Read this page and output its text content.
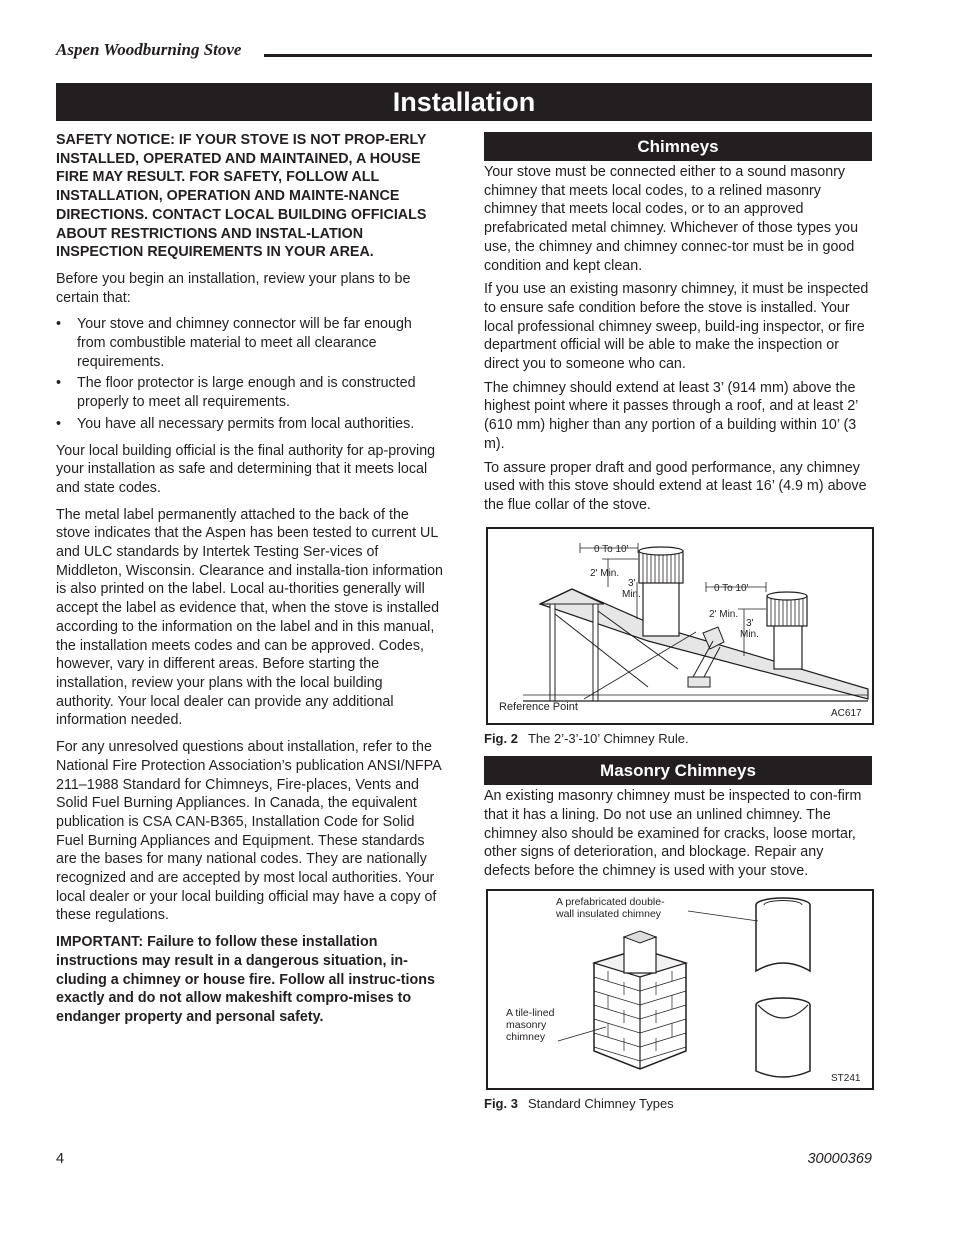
Aspen Woodburning Stove
Installation

SAFETY NOTICE: IF YOUR STOVE IS NOT PROP-ERLY INSTALLED, OPERATED AND MAINTAINED, A HOUSE FIRE MAY RESULT. FOR SAFETY, FOLLOW ALL INSTALLATION, OPERATION AND MAINTE-NANCE DIRECTIONS. CONTACT LOCAL BUILDING OFFICIALS ABOUT RESTRICTIONS AND INSTAL-LATION INSPECTION REQUIREMENTS IN YOUR AREA.

Before you begin an installation, review your plans to be certain that:

• Your stove and chimney connector will be far enough from combustible material to meet all clearance requirements.
• The floor protector is large enough and is constructed properly to meet all requirements.
• You have all necessary permits from local authorities.

Your local building official is the final authority for ap-proving your installation as safe and determining that it meets local and state codes.

The metal label permanently attached to the back of the stove indicates that the Aspen has been tested to current UL and ULC standards by Intertek Testing Ser-vices of Middleton, Wisconsin. Clearance and installa-tion information is also printed on the label. Local au-thorities generally will accept the label as evidence that, when the stove is installed according to the information on the label and in this manual, the installation meets codes and can be approved. Codes, however, vary in different areas. Before starting the installation, review your plans with the local building authority. Your local dealer can provide any additional information needed.

For any unresolved questions about installation, refer to the National Fire Protection Association’s publication ANSI/NFPA 211–1988 Standard for Chimneys, Fire-places, Vents and Solid Fuel Burning Appliances. In Canada, the equivalent publication is CSA CAN-B365, Installation Code for Solid Fuel Burning Appliances and Equipment. These standards are the bases for many national codes. They are nationally recognized and are accepted by most local authorities. Your local dealer or your local building official may have a copy of these regulations.

IMPORTANT: Failure to follow these installation instructions may result in a dangerous situation, in-cluding a chimney or house fire. Follow all instruc-tions exactly and do not allow makeshift compro-mises to endanger property and personal safety.

Chimneys

Your stove must be connected either to a sound masonry chimney that meets local codes, to a relined masonry chimney that meets local codes, or to an approved prefabricated metal chimney. Whichever of those types you use, the chimney and chimney connec-tor must be in good condition and kept clean.

If you use an existing masonry chimney, it must be inspected to ensure safe condition before the stove is installed. Your local professional chimney sweep, build-ing inspector, or fire department official will be able to make the inspection or direct you to someone who can.

The chimney should extend at least 3’ (914 mm) above the highest point where it passes through a roof, and at least 2’ (610 mm) higher than any portion of a building within 10’ (3 m).

To assure proper draft and good performance, any chimney used with this stove should extend at least 16’ (4.9 m) above the flue collar of the stove.

0 To 10'
2' Min.
3'
Min.
0 To 10'
2' Min.
3'
Min.
Reference Point
AC617
Fig. 2 The 2’-3’-10’ Chimney Rule.
Masonry Chimneys

An existing masonry chimney must be inspected to con-firm that it has a lining. Do not use an unlined chimney. The chimney also should be examined for cracks, loose mortar, other signs of deterioration, and blockage. Repair any defects before the chimney is used with your stove.

A prefabricated double-
wall insulated chimney
A tile-lined
masonry
chimney
ST241
Fig. 3 Standard Chimney Types
4	30000369
